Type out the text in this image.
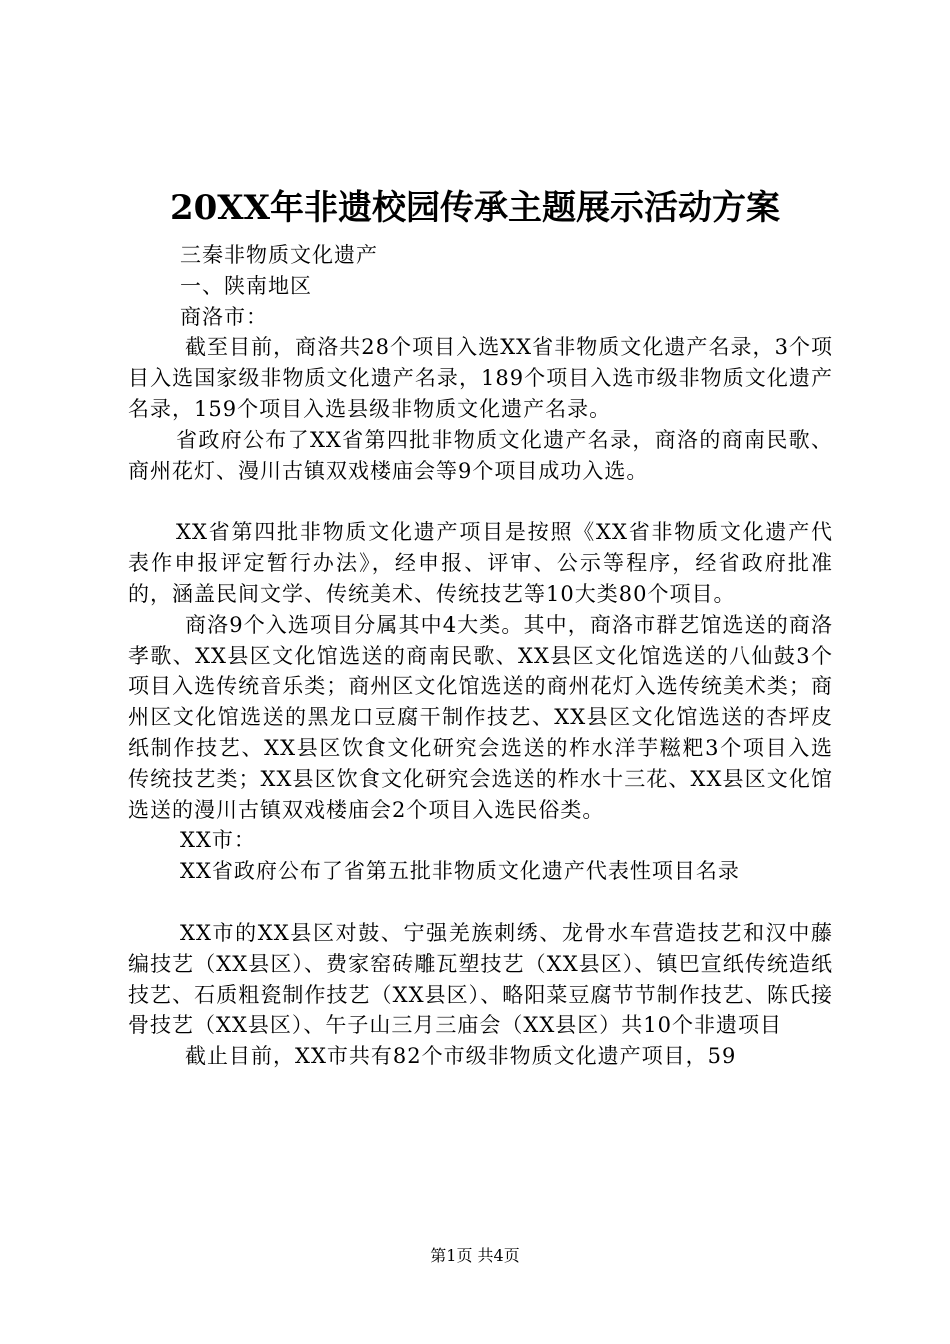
20XX年非遗校园传承主题展示活动方案

三秦非物质文化遗产

一、陕南地区

商洛市：

截至目前，商洛共28个项目入选XX省非物质文化遗产名录，3个项目入选国家级非物质文化遗产名录，189个项目入选市级非物质文化遗产名录，159个项目入选县级非物质文化遗产名录。

省政府公布了XX省第四批非物质文化遗产名录，商洛的商南民歌、商州花灯、漫川古镇双戏楼庙会等9个项目成功入选。

XX省第四批非物质文化遗产项目是按照《XX省非物质文化遗产代表作申报评定暂行办法》，经申报、评审、公示等程序，经省政府批准的，涵盖民间文学、传统美术、传统技艺等10大类80个项目。

商洛9个入选项目分属其中4大类。其中，商洛市群艺馆选送的商洛孝歌、XX县区文化馆选送的商南民歌、XX县区文化馆选送的八仙鼓3个项目入选传统音乐类；商州区文化馆选送的商州花灯入选传统美术类；商州区文化馆选送的黑龙口豆腐干制作技艺、XX县区文化馆选送的杏坪皮纸制作技艺、XX县区饮食文化研究会选送的柞水洋芋糍粑3个项目入选传统技艺类；XX县区饮食文化研究会选送的柞水十三花、XX县区文化馆选送的漫川古镇双戏楼庙会2个项目入选民俗类。

XX市：

XX省政府公布了省第五批非物质文化遗产代表性项目名录

XX市的XX县区对鼓、宁强羌族刺绣、龙骨水车营造技艺和汉中藤编技艺（XX县区）、费家窑砖雕瓦塑技艺（XX县区）、镇巴宣纸传统造纸技艺、石质粗瓷制作技艺（XX县区）、略阳菜豆腐节节制作技艺、陈氏接骨技艺（XX县区）、午子山三月三庙会（XX县区）共10个非遗项目

截止目前，XX市共有82个市级非物质文化遗产项目，59

第1页 共4页
